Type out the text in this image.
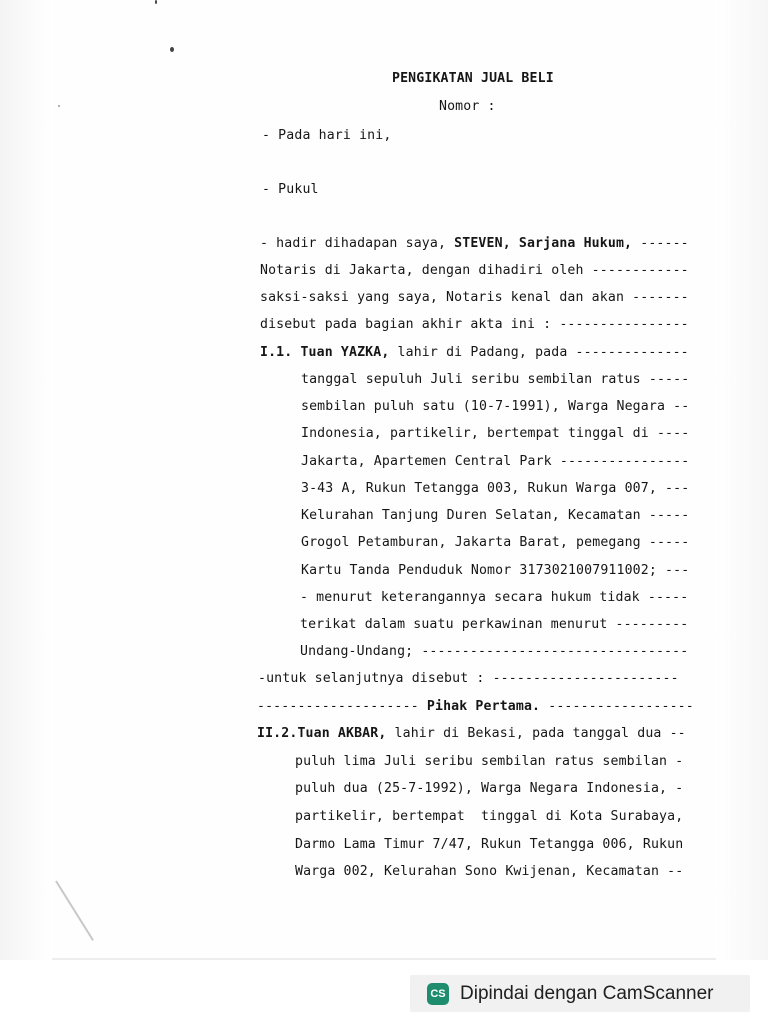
PENGIKATAN JUAL BELI
Nomor :
- Pada hari ini,
- Pukul
- hadir dihadapan saya, STEVEN, Sarjana Hukum, ------
Notaris di Jakarta, dengan dihadiri oleh ------------
saksi-saksi yang saya, Notaris kenal dan akan -------
disebut pada bagian akhir akta ini : ----------------
I.1. Tuan YAZKA, lahir di Padang, pada --------------
tanggal sepuluh Juli seribu sembilan ratus -----
sembilan puluh satu (10-7-1991), Warga Negara --
Indonesia, partikelir, bertempat tinggal di ----
Jakarta, Apartemen Central Park ----------------
3-43 A, Rukun Tetangga 003, Rukun Warga 007, ---
Kelurahan Tanjung Duren Selatan, Kecamatan -----
Grogol Petamburan, Jakarta Barat, pemegang -----
Kartu Tanda Penduduk Nomor 3173021007911002; ---
- menurut keterangannya secara hukum tidak -----
terikat dalam suatu perkawinan menurut ---------
Undang-Undang; ---------------------------------
-untuk selanjutnya disebut : -----------------------
-------------------- Pihak Pertama. ------------------
II.2.Tuan AKBAR, lahir di Bekasi, pada tanggal dua --
puluh lima Juli seribu sembilan ratus sembilan -
puluh dua (25-7-1992), Warga Negara Indonesia, -
partikelir, bertempat  tinggal di Kota Surabaya,
Darmo Lama Timur 7/47, Rukun Tetangga 006, Rukun
Warga 002, Kelurahan Sono Kwijenan, Kecamatan --
CS Dipindai dengan CamScanner
